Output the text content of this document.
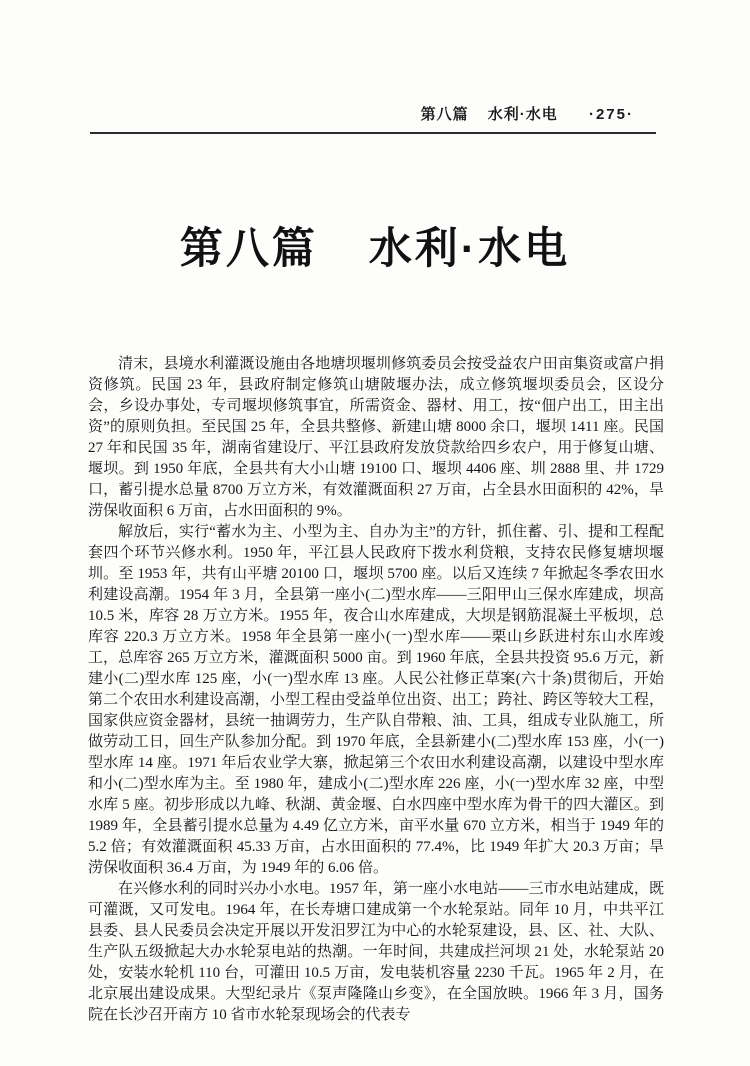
第八篇 水利·水电 ·275·
第八篇 水利·水电

清末，县境水利灌溉设施由各地塘坝堰圳修筑委员会按受益农户田亩集资或富户捐资修筑。民国 23 年，县政府制定修筑山塘陂堰办法，成立修筑堰坝委员会，区设分会，乡设办事处，专司堰坝修筑事宜，所需资金、器材、用工，按“佃户出工，田主出资”的原则负担。至民国 25 年，全县共整修、新建山塘 8000 余口，堰坝 1411 座。民国 27 年和民国 35 年，湖南省建设厅、平江县政府发放贷款给四乡农户，用于修复山塘、堰坝。到 1950 年底，全县共有大小山塘 19100 口、堰坝 4406 座、圳 2888 里、井 1729 口，蓄引提水总量 8700 万立方米，有效灌溉面积 27 万亩，占全县水田面积的 42%，旱涝保收面积 6 万亩，占水田面积的 9%。

解放后，实行“蓄水为主、小型为主、自办为主”的方针，抓住蓄、引、提和工程配套四个环节兴修水利。1950 年，平江县人民政府下拨水利贷粮，支持农民修复塘坝堰圳。至 1953 年，共有山平塘 20100 口，堰坝 5700 座。以后又连续 7 年掀起冬季农田水利建设高潮。1954 年 3 月，全县第一座小(二)型水库——三阳甲山三保水库建成，坝高 10.5 米，库容 28 万立方米。1955 年，夜合山水库建成，大坝是钢筋混凝土平板坝，总库容 220.3 万立方米。1958 年全县第一座小(一)型水库——栗山乡跃进村东山水库竣工，总库容 265 万立方米，灌溉面积 5000 亩。到 1960 年底，全县共投资 95.6 万元，新建小(二)型水库 125 座，小(一)型水库 13 座。人民公社修正草案(六十条)贯彻后，开始第二个农田水利建设高潮，小型工程由受益单位出资、出工；跨社、跨区等较大工程，国家供应资金器材，县统一抽调劳力，生产队自带粮、油、工具，组成专业队施工，所做劳动工日，回生产队参加分配。到 1970 年底，全县新建小(二)型水库 153 座，小(一)型水库 14 座。1971 年后农业学大寨，掀起第三个农田水利建设高潮，以建设中型水库和小(二)型水库为主。至 1980 年，建成小(二)型水库 226 座，小(一)型水库 32 座，中型水库 5 座。初步形成以九峰、秋湖、黄金堰、白水四座中型水库为骨干的四大灌区。到 1989 年，全县蓄引提水总量为 4.49 亿立方米，亩平水量 670 立方米，相当于 1949 年的 5.2 倍；有效灌溉面积 45.33 万亩，占水田面积的 77.4%，比 1949 年扩大 20.3 万亩；旱涝保收面积 36.4 万亩，为 1949 年的 6.06 倍。

在兴修水利的同时兴办小水电。1957 年，第一座小水电站——三市水电站建成，既可灌溉，又可发电。1964 年，在长寿塘口建成第一个水轮泵站。同年 10 月，中共平江县委、县人民委员会决定开展以开发汨罗江为中心的水轮泵建设，县、区、社、大队、生产队五级掀起大办水轮泵电站的热潮。一年时间，共建成拦河坝 21 处，水轮泵站 20 处，安装水轮机 110 台，可灌田 10.5 万亩，发电装机容量 2230 千瓦。1965 年 2 月，在北京展出建设成果。大型纪录片《泵声隆隆山乡变》，在全国放映。1966 年 3 月，国务院在长沙召开南方 10 省市水轮泵现场会的代表专
